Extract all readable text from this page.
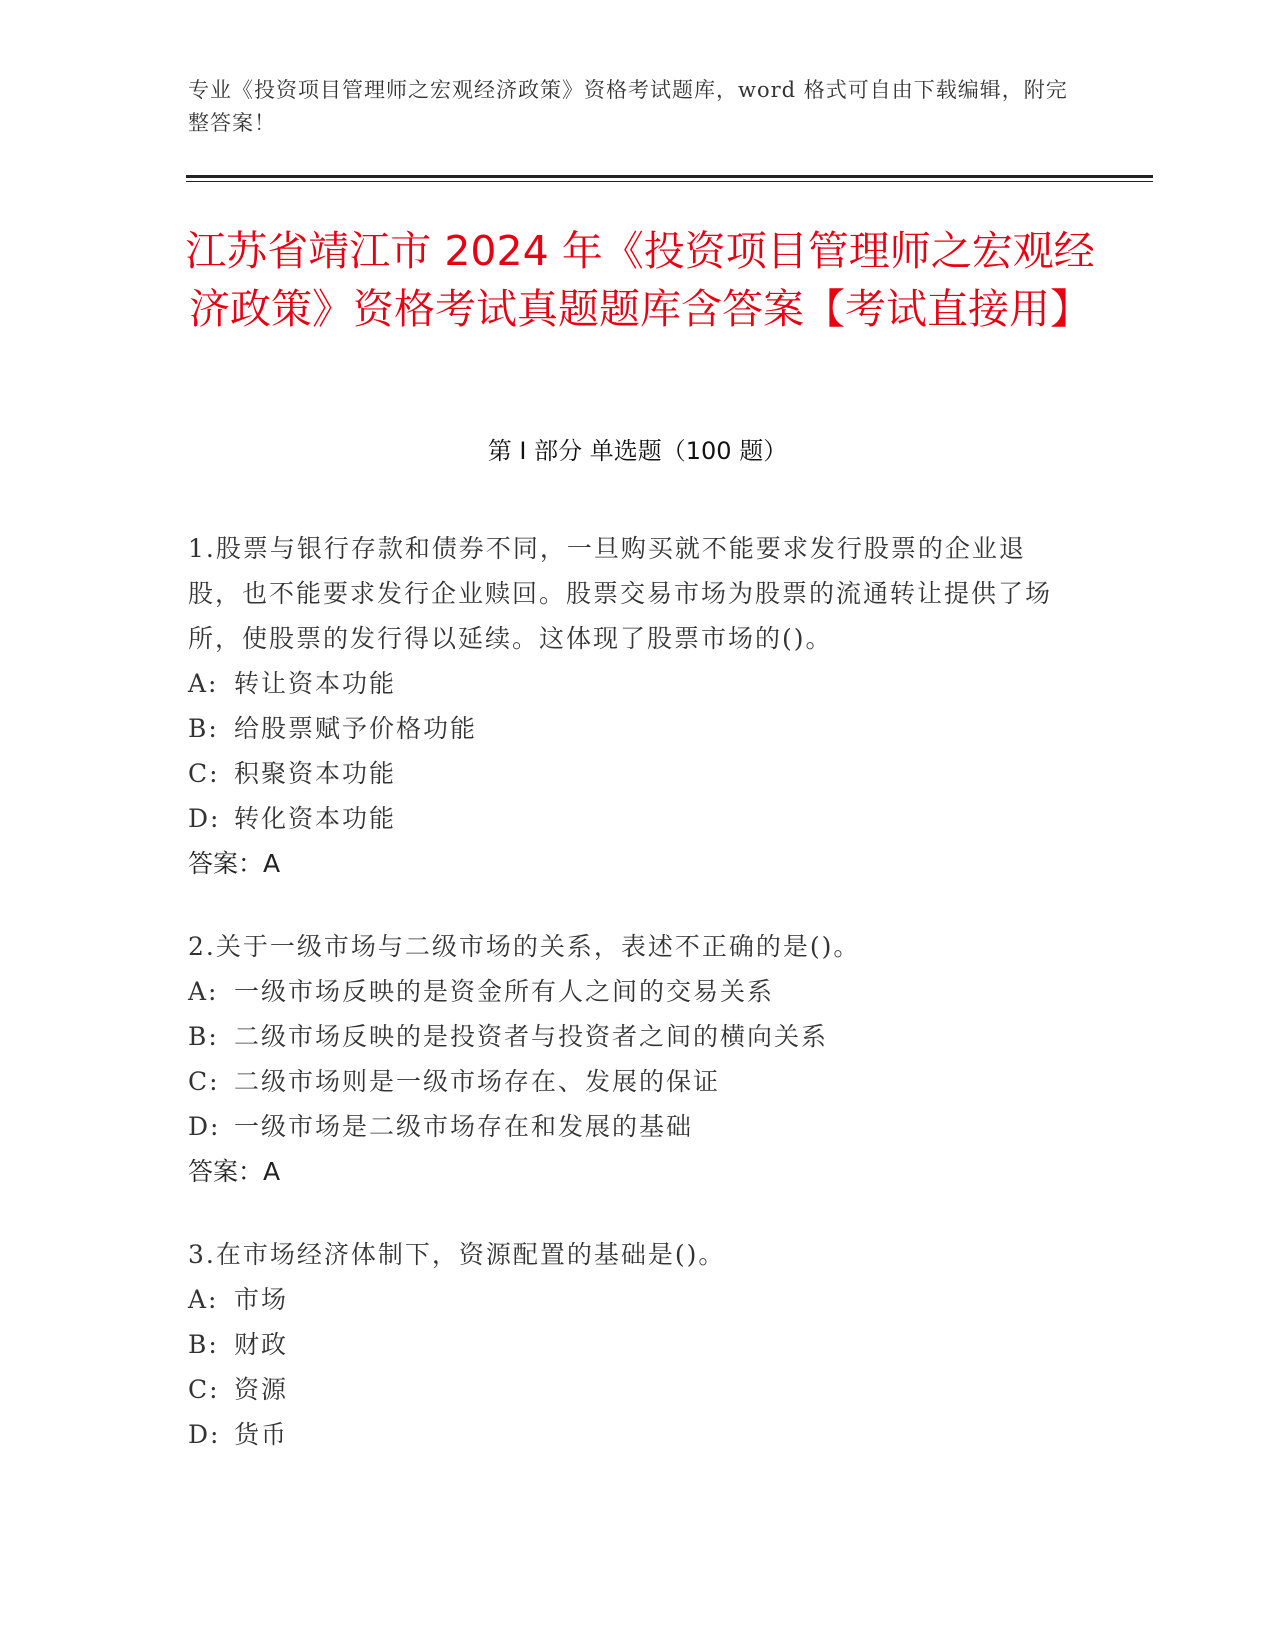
专业《投资项目管理师之宏观经济政策》资格考试题库，word 格式可自由下载编辑，附完整答案！
江苏省靖江市 2024 年《投资项目管理师之宏观经济政策》资格考试真题题库含答案【考试直接用】
第 I 部分 单选题（100 题）
1.股票与银行存款和债券不同，一旦购买就不能要求发行股票的企业退股，也不能要求发行企业赎回。股票交易市场为股票的流通转让提供了场所，使股票的发行得以延续。这体现了股票市场的()。
A: 转让资本功能
B: 给股票赋予价格功能
C: 积聚资本功能
D: 转化资本功能
答案：A
2.关于一级市场与二级市场的关系，表述不正确的是()。
A: 一级市场反映的是资金所有人之间的交易关系
B: 二级市场反映的是投资者与投资者之间的横向关系
C: 二级市场则是一级市场存在、发展的保证
D: 一级市场是二级市场存在和发展的基础
答案：A
3.在市场经济体制下，资源配置的基础是()。
A: 市场
B: 财政
C: 资源
D: 货币
